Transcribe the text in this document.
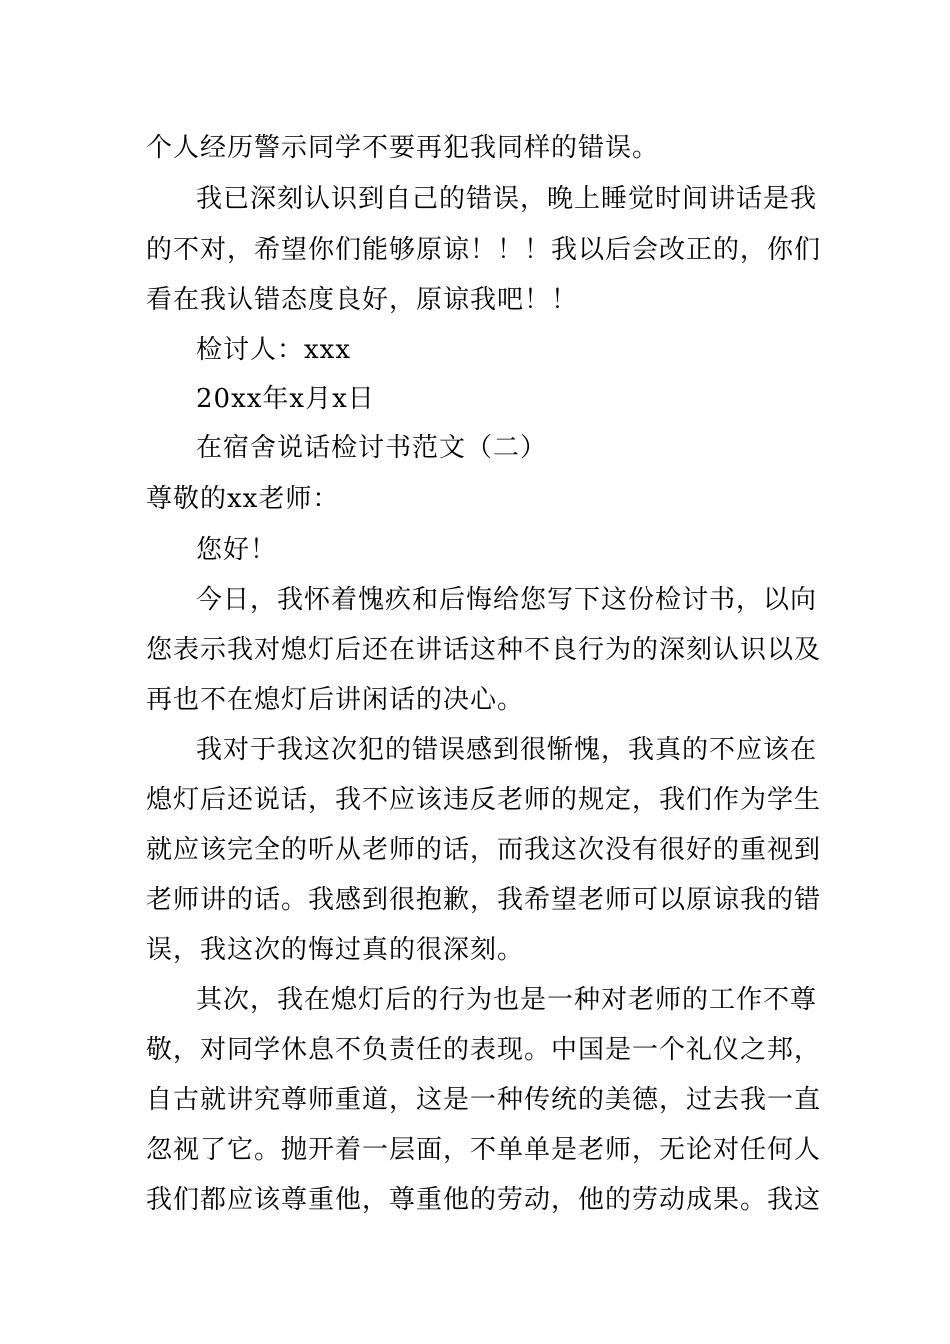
个人经历警示同学不要再犯我同样的错误。
我已深刻认识到自己的错误，晚上睡觉时间讲话是我
的不对，希望你们能够原谅！！！我以后会改正的，你们
看在我认错态度良好，原谅我吧！！
检讨人：xxx
20xx年x月x日
在宿舍说话检讨书范文（二）
尊敬的xx老师：
您好！
今日，我怀着愧疚和后悔给您写下这份检讨书，以向
您表示我对熄灯后还在讲话这种不良行为的深刻认识以及
再也不在熄灯后讲闲话的决心。
我对于我这次犯的错误感到很惭愧，我真的不应该在
熄灯后还说话，我不应该违反老师的规定，我们作为学生
就应该完全的听从老师的话，而我这次没有很好的重视到
老师讲的话。我感到很抱歉，我希望老师可以原谅我的错
误，我这次的悔过真的很深刻。
其次，我在熄灯后的行为也是一种对老师的工作不尊
敬，对同学休息不负责任的表现。中国是一个礼仪之邦，
自古就讲究尊师重道，这是一种传统的美德，过去我一直
忽视了它。抛开着一层面，不单单是老师，无论对任何人
我们都应该尊重他，尊重他的劳动，他的劳动成果。我这
